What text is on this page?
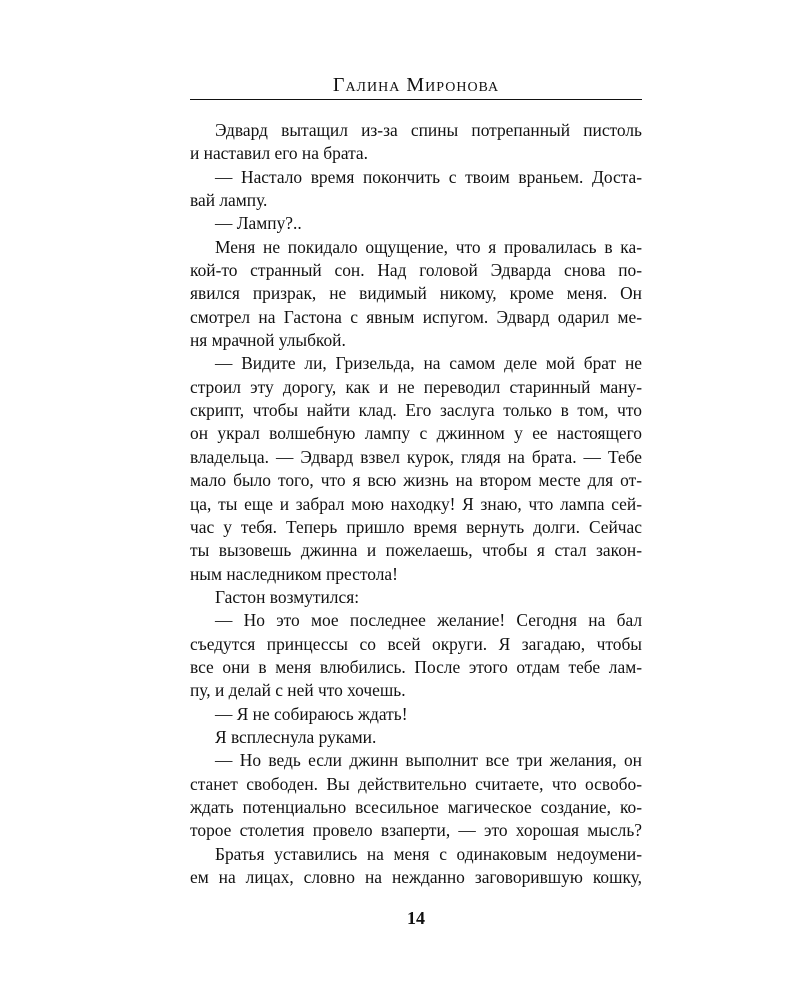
Галина Миронова
Эдвард вытащил из-за спины потрепанный пистоль
и наставил его на брата.
— Настало время покончить с твоим враньем. Доста-
вай лампу.
— Лампу?..
Меня не покидало ощущение, что я провалилась в ка-
кой-то странный сон. Над головой Эдварда снова по-
явился призрак, не видимый никому, кроме меня. Он
смотрел на Гастона с явным испугом. Эдвард одарил ме-
ня мрачной улыбкой.
— Видите ли, Гризельда, на самом деле мой брат не
строил эту дорогу, как и не переводил старинный ману-
скрипт, чтобы найти клад. Его заслуга только в том, что
он украл волшебную лампу с джинном у ее настоящего
владельца. — Эдвард взвел курок, глядя на брата. — Тебе
мало было того, что я всю жизнь на втором месте для от-
ца, ты еще и забрал мою находку! Я знаю, что лампа сей-
час у тебя. Теперь пришло время вернуть долги. Сейчас
ты вызовешь джинна и пожелаешь, чтобы я стал закон-
ным наследником престола!
Гастон возмутился:
— Но это мое последнее желание! Сегодня на бал
съедутся принцессы со всей округи. Я загадаю, чтобы
все они в меня влюбились. После этого отдам тебе лам-
пу, и делай с ней что хочешь.
— Я не собираюсь ждать!
Я всплеснула руками.
— Но ведь если джинн выполнит все три желания, он
станет свободен. Вы действительно считаете, что освобо-
ждать потенциально всесильное магическое создание, ко-
торое столетия провело взаперти, — это хорошая мысль?
Братья уставились на меня с одинаковым недоумени-
ем на лицах, словно на нежданно заговорившую кошку,
14
